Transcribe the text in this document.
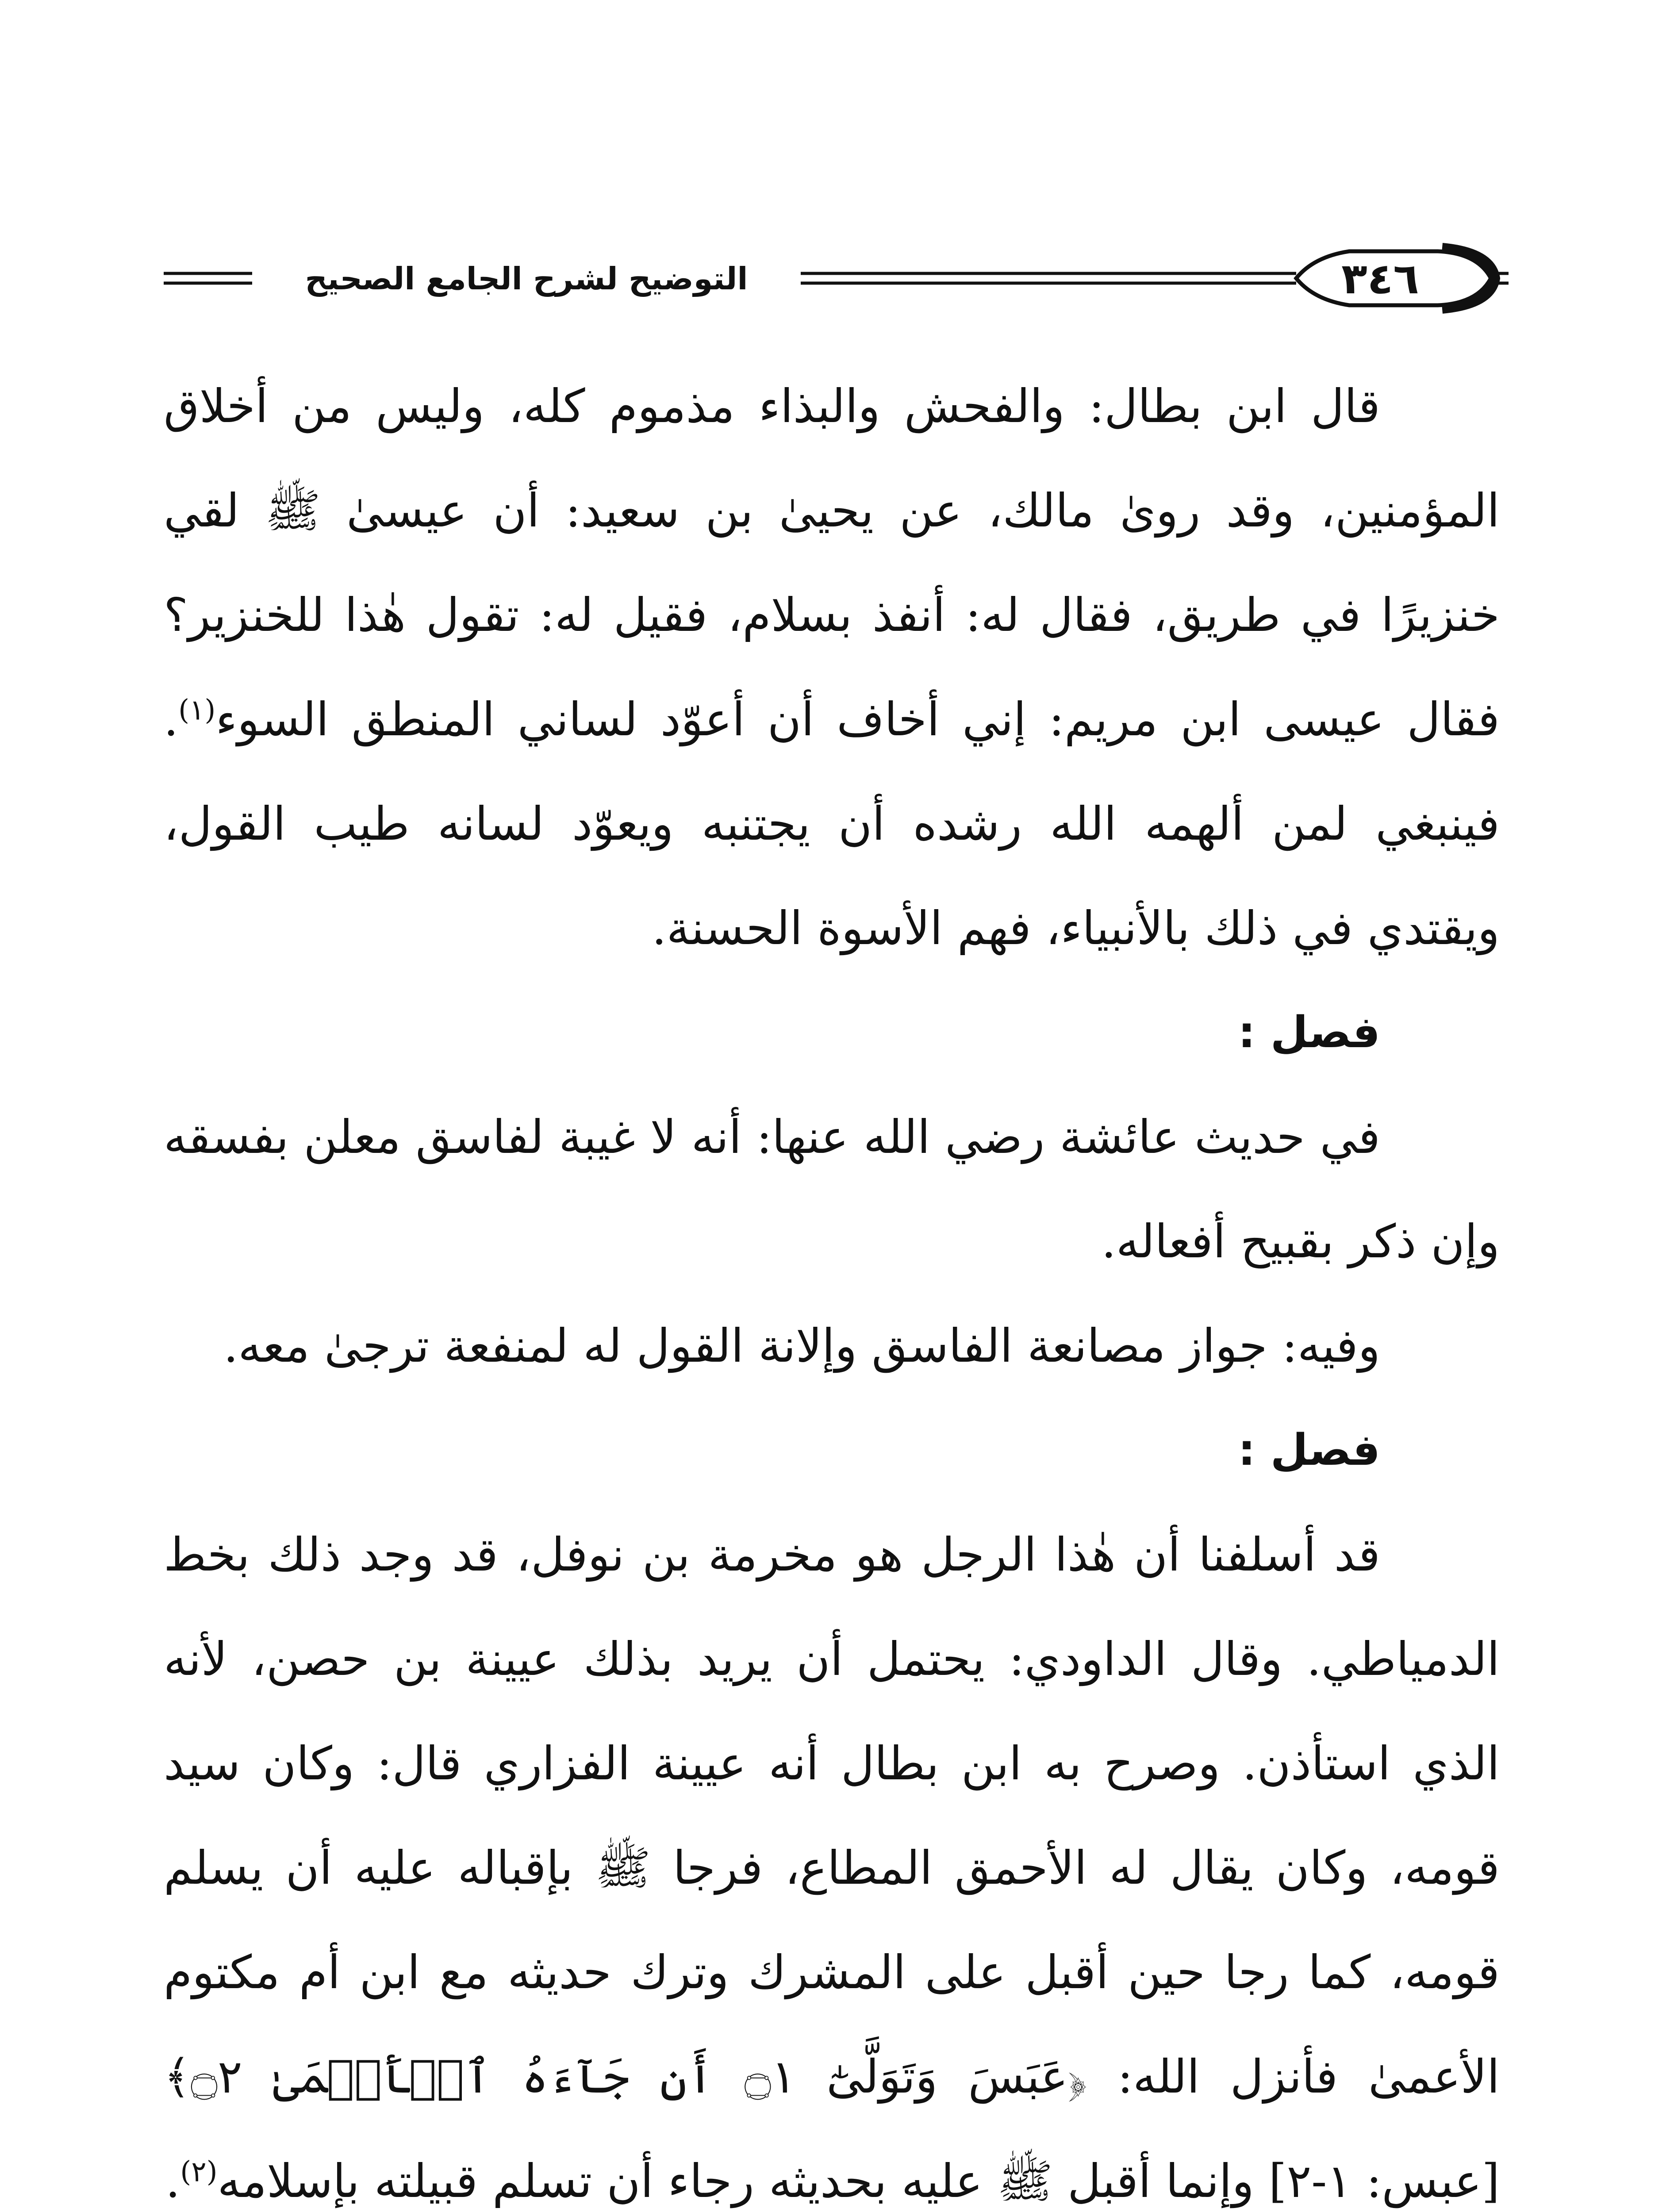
٣٤٦
التوضيح لشرح الجامع الصحيح

قال ابن بطال: والفحش والبذاء مذموم كله، وليس من أخلاق المؤمنين، وقد روىٰ مالك، عن يحيىٰ بن سعيد: أن عيسىٰ ﷺ لقي خنزيرًا في طريق، فقال له: أنفذ بسلام، فقيل له: تقول هٰذا للخنزير؟ فقال عيسى ابن مريم: إني أخاف أن أعوّد لساني المنطق السوء$^{(١)}$. فينبغي لمن ألهمه الله رشده أن يجتنبه ويعوّد لسانه طيب القول، ويقتدي في ذلك بالأنبياء، فهم الأسوة الحسنة.

فصل :

في حديث عائشة رضي الله عنها: أنه لا غيبة لفاسق معلن بفسقه وإن ذكر بقبيح أفعاله.

وفيه: جواز مصانعة الفاسق وإلانة القول له لمنفعة ترجىٰ معه.

فصل :

قد أسلفنا أن هٰذا الرجل هو مخرمة بن نوفل، قد وجد ذلك بخط الدمياطي. وقال الداودي: يحتمل أن يريد بذلك عيينة بن حصن، لأنه الذي استأذن. وصرح به ابن بطال أنه عيينة الفزاري قال: وكان سيد قومه، وكان يقال له الأحمق المطاع، فرجا ﷺ بإقباله عليه أن يسلم قومه، كما رجا حين أقبل على المشرك وترك حديثه مع ابن أم مكتوم الأعمىٰ فأنزل الله: ﴿عَبَسَ وَتَوَلَّىٰٓ ۝١ أَن جَآءَهُ ٱلۡأَعۡمَىٰ ۝٢﴾ [عبس: ١-٢] وإنما أقبل ﷺ عليه بحديثه رجاء أن تسلم قبيلته بإسلامه$^{(٢)}$.
